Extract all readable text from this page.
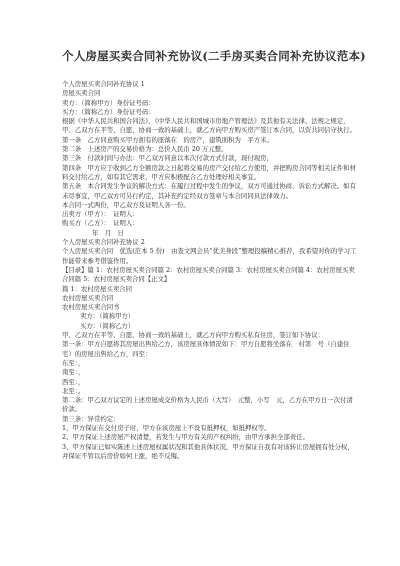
个人房屋买卖合同补充协议(二手房买卖合同补充协议范本)

个人房屋买卖合同补充协议 1

房屋买卖合同

卖方：（简称甲方）身份证号码：

买方：（简称乙方）身份证号码：

根据《中华人民共和国合同法》、《中华人民共和国城市房地产管理法》及其他有关法律、法规之规定，甲、乙双方在平等、自愿、协商一致的基础上，就乙方向甲方购买房产签订本合同，以资共同信守执行。

第一条　乙方同意购买甲方拥有的座落在　的房产，建筑面积为　平方米。

第二条　上述房产的交易价格为：总价人民币 20 万元整。

第三条　付款时间与办法：甲乙双方同意以本次付款方式付款，现付现房，

第四条　甲方应于收到乙方全额房款之日起将交易的房产交付给乙方使用，并把购房合同等相关证件和材料交付给乙方，如有其它需求，甲方应积极配合乙方处理好相关事宜。

第五条　本合同发生争议的解决方式：在履行过程中发生的争议，双方可通过协商、诉讼方式解决。如有未尽事宜，甲乙双方可另行约定，其补充约定经双方签章与本合同同具法律效力。

本合同一式两份，甲乙双方及证明人各一份。

出卖方（甲方）：　证明人：

购买方（乙方）：　证明人：

年　月　日

个人房屋买卖合同补充协议 2

个人房屋买卖合同　优选(范本 5 份)　由查文网会员“优美身段”整理投稿精心推荐，我希望对你的学习工作能带来参考借鉴作用。

【目录】篇 1：农村房屋买卖合同篇 2：农村房屋买卖合同篇 3：农村房屋买卖合同篇 4：农村房屋买卖合同篇 5：农村房屋买卖合同【正文】

篇 1：农村房屋买卖合同

农村房屋买卖合同

农村房屋买卖合同书

卖方：（简称甲方）

买方：（简称乙方）

甲、乙双方在平等、自愿、协商一致的基础上，就乙方向甲方购买私有住房，签订如下协议：

第一条：甲方自愿将其房屋出售给乙方，该房屋具体情况如下：甲方自愿将坐落在　村第　号（自建住宅）的房屋出售给乙方，四至：

东至：，

南至：，

西至：，

北至：。

第二条：甲乙双方议定的上述房屋成交价格为人民币（大写）　元整，小写　元，乙方在甲方日一次付清价款。

第三条：异常约定：

1、甲方保证在交付房子时，甲方在该房屋上不设有抵押权，如抵押权等。

2、甲方保证上述房屋产权清楚，若发生与甲方有关的产权纠纷，由甲方承担全部责任。

3、甲方保证已如实陈述上述房屋权属状况和其他具体状况，甲方保证自我有对该转让房屋拥有处分权，并保证不管以后房价如何上涨，绝不反悔。
